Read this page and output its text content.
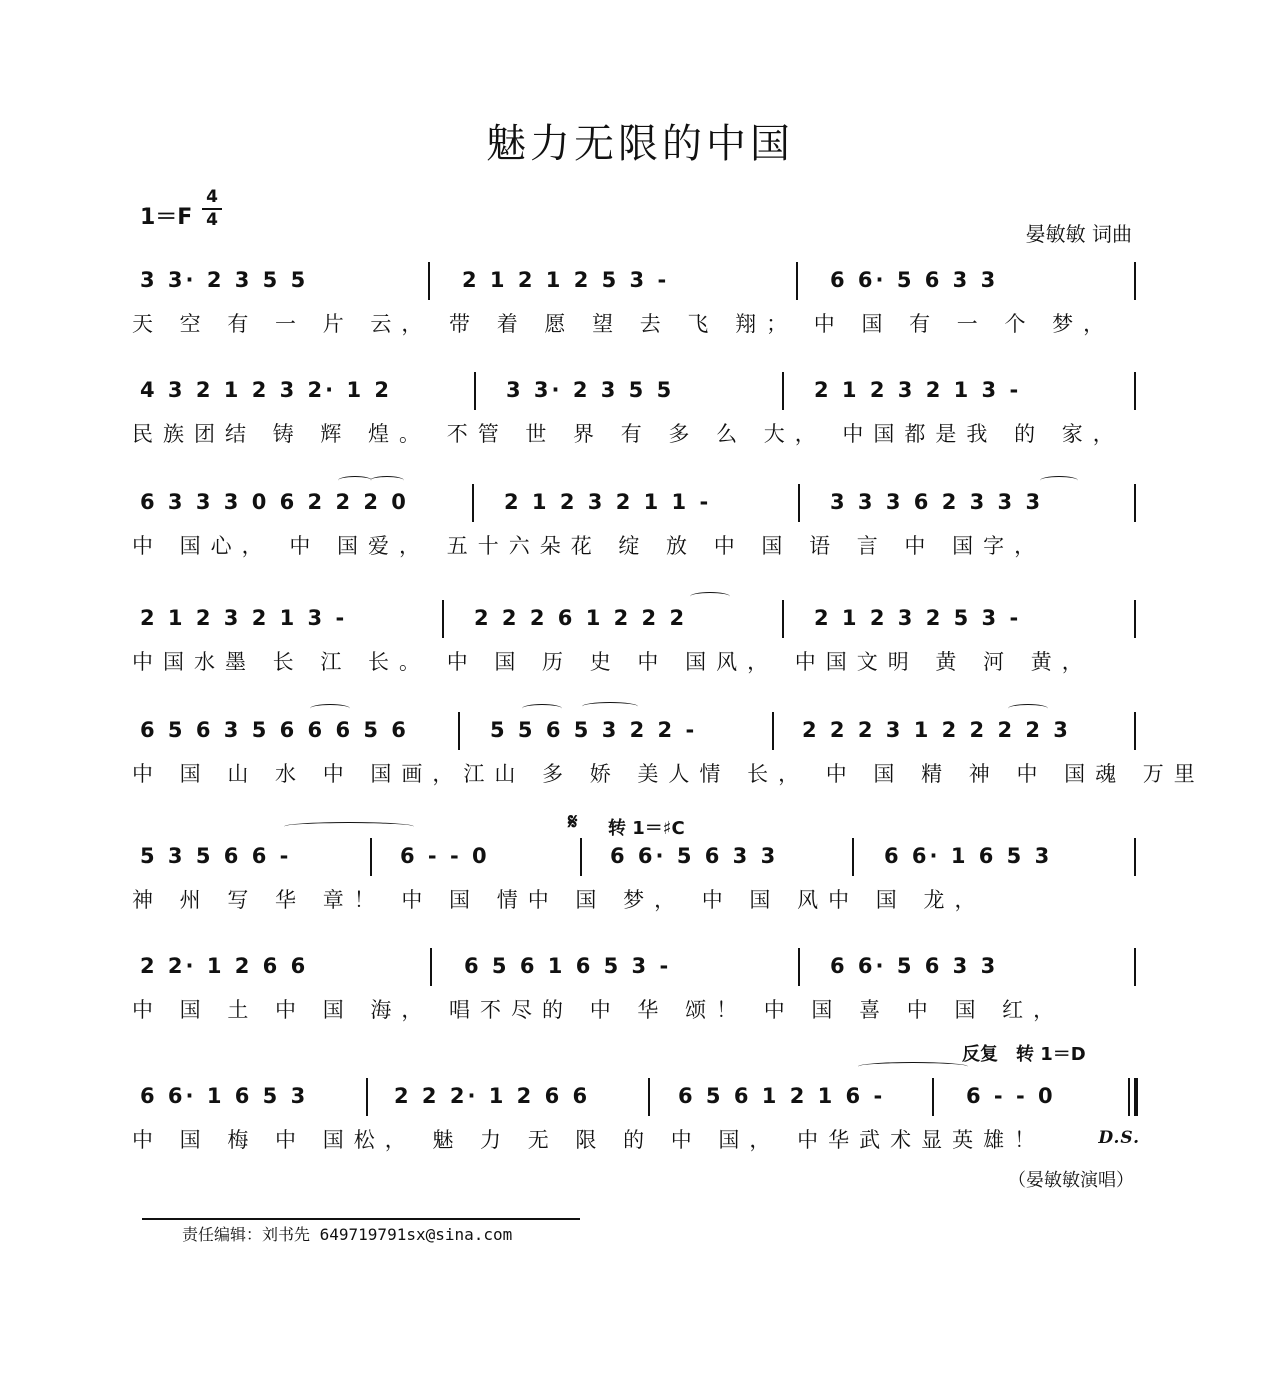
魅力无限的中国
1＝F
4
4
晏敏敏 词曲
3 3· 2 3 5 5	2 1 2 1 2 5 3 -	6 6· 5 6 3 3
天 空 有 一 片 云， 带 着 愿 望 去 飞 翔； 中 国 有 一 个 梦，
4 3 2 1 2 3 2· 1 2	3 3· 2 3 5 5	2 1 2 3 2 1 3 -
民族团结 铸 辉 煌。 不管 世 界 有 多 么 大， 中国都是我 的 家，
6 3 3 3 0 6 2 2 2 0	2 1 2 3 2 1 1 -	3 3 3 6 2 3 3 3
中 国心， 中 国爱， 五十六朵花 绽 放 中 国 语 言 中 国字，
2 1 2 3 2 1 3 -	2 2 2 6 1 2 2 2	2 1 2 3 2 5 3 -
中国水墨 长 江 长。 中 国 历 史 中 国风， 中国文明 黄 河 黄，
6 5 6 3 5 6 6 6 5 6	5 5 6 5 3 2 2 -	2 2 2 3 1 2 2 2 2 3
中 国 山 水 中 国画，江山 多 娇 美人情 长， 中 国 精 神 中 国魂 万里
𝄋 转 1＝♯C
5 3 5 6 6 -	6 - - 0	6 6· 5 6 3 3	6 6· 1 6 5 3
神 州 写 华 章！ 中 国 情中 国 梦， 中 国 风中 国 龙，
2 2· 1 2 6 6	6 5 6 1 6 5 3 -	6 6· 5 6 3 3
中 国 土 中 国 海， 唱不尽的 中 华 颂！ 中 国 喜 中 国 红，
反复 转 1＝D
6 6· 1 6 5 3	2 2 2· 1 2 6 6	6 5 6 1 2 1 6 -	6 - - 0
中 国 梅 中 国松， 魅 力 无 限 的 中 国， 中华武术显英雄！	D.S.
（晏敏敏演唱）
责任编辑：刘书先 649719791sx@sina.com
